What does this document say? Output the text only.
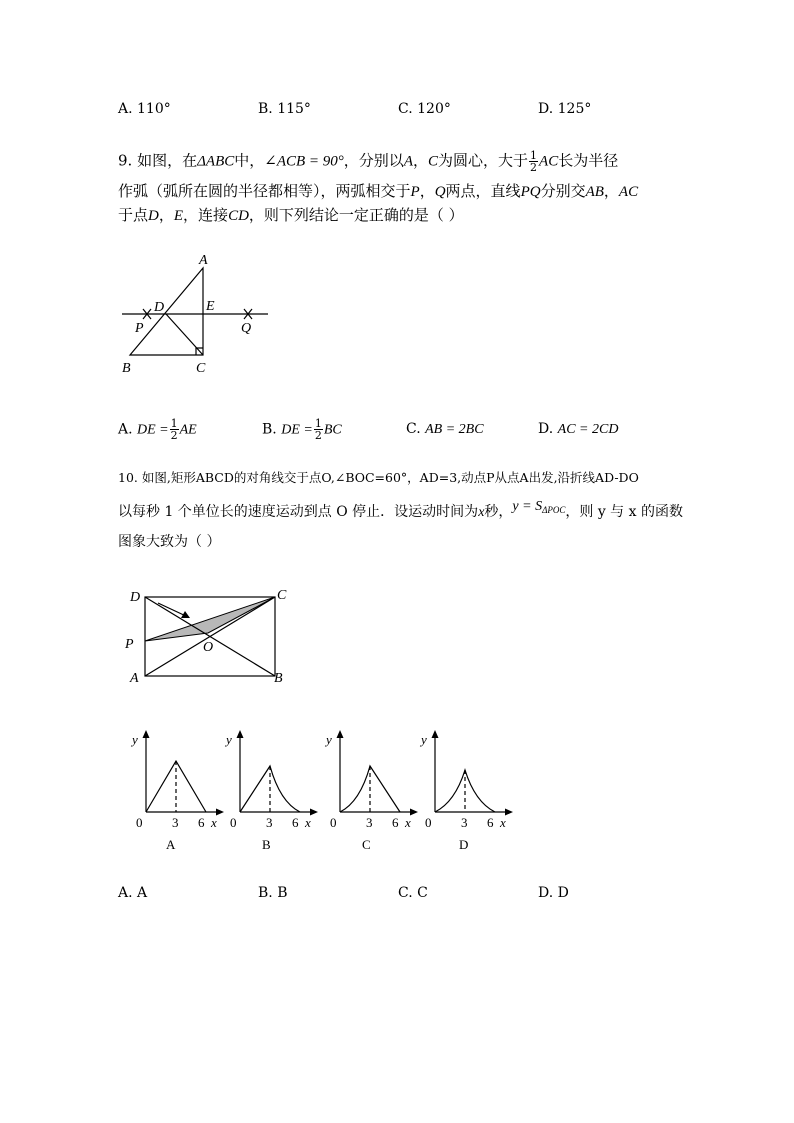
A. 110°	B. 115°	C. 120°	D. 125°
9. 如图，在ΔABC中，∠ACB = 90°，分别以A，C为圆心，大于 $\frac{1}{2}$ AC长为半径
作弧（弧所在圆的半径都相等），两弧相交于P，Q两点，直线PQ分别交AB，AC
于点D，E，连接CD，则下列结论一定正确的是（ ）
A
B	C
D	E
P	Q
A. DE = $\frac{1}{2}$ AE	B. DE = $\frac{1}{2}$ BC	C. AB = 2BC	D. AC = 2CD
10. 如图,矩形ABCD的对角线交于点O,∠BOC=60°，AD=3,动点P从点A出发,沿折线AD-DO
以每秒 1 个单位长的速度运动到点 O 停止．设运动时间为x秒，$y = S_{\Delta POC}$，则 y 与 x 的函数
图象大致为（ ）
D	C
A	B
O
P
y
0 3 6 x
A
y
0 3 6 x
B
y
0 3 6 x
C
y
0 3 6 x
D
A. A	B. B	C. C	D. D
